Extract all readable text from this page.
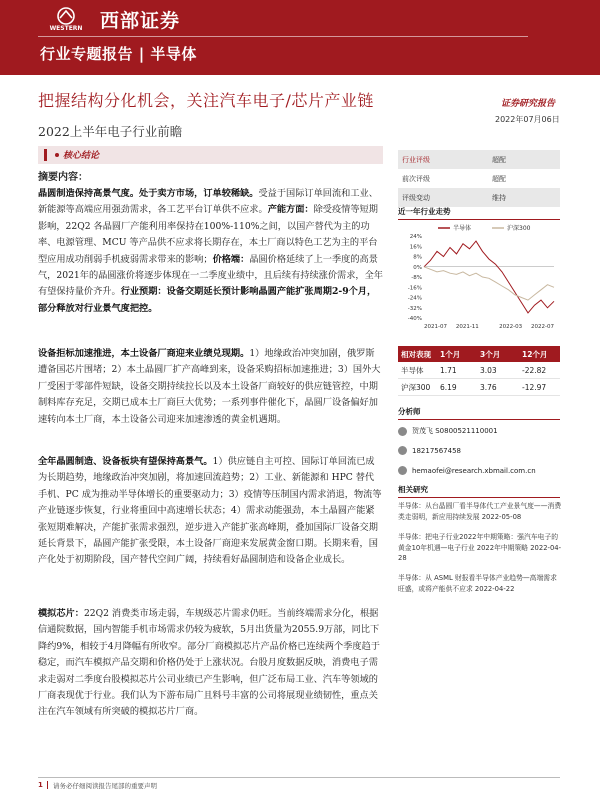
WESTERN 西部证券
行业专题报告 | 半导体
把握结构分化机会，关注汽车电子/芯片产业链	证券研究报告
2022年07月06日
2022上半年电子行业前瞻
核心结论
摘要内容：
晶圆制造保持高景气度。处于卖方市场，订单较稀缺。受益于国际订单回流和工业、新能源等高端应用强劲需求，各工艺平台订单供不应求。产能方面：除受疫情等短期影响，22Q2 各晶圆厂产能利用率保持在100%-110%之间，以国产替代为主的功率、电源管理、MCU 等产品供不应求将长期存在，本土厂商以特色工艺为主的平台型应用成功削弱手机疲弱需求带来的影响；价格端：晶圆价格延续了上一季度的高景气，2021年的晶圆涨价将逐步体现在一二季度业绩中，且后续有持续涨价需求，全年有望保持量价齐升。行业预期：设备交期延长预计影响晶圆产能扩张周期2-9个月，部分释放对行业景气度把控。
设备拒标加速推进，本土设备厂商迎来业绩兑现期。1）地缘政治冲突加剧，俄罗斯遭备国芯片围堵；2）本土晶圆厂扩产高峰到来，设备采购招标加速推进；3）国外大厂受困于零部件短缺，设备交期持续拉长以及本土设备厂商较好的供应链管控，中期制料库存充足，交期已成本土厂商巨大优势；一系列事件催化下，晶圆厂设备偏好加速转向本土厂商，本土设备公司迎来加速渗透的黄金机遇期。
全年晶圆制造、设备板块有望保持高景气。1）供应链自主可控、国际订单回流已成为长期趋势，地缘政治冲突加剧，将加速回流趋势；2）工业、新能源和 HPC 替代手机、PC 成为推动半导体增长的重要驱动力；3）疫情等压制国内需求消退，物流等产业链逐步恢复，行业将重回中高速增长状态；4）需求动能强劲，本土晶圆产能紧张短期难解决，产能扩张需求强烈，逆步进入产能扩张高峰期，叠加国际厂设备交期延长背景下，晶圆产能扩张受限，本土设备厂商迎来发展黄金窗口期。长期来看，国产化处于初期阶段，国产替代空间广阔，持续看好晶圆制造和设备企业成长。
模拟芯片：22Q2 消费类市场走弱，车规级芯片需求仍旺。当前终端需求分化，根据信通院数据，国内智能手机市场需求仍较为疲软，5月出货量为2055.9万部，同比下降约9%，相较于4月降幅有所收窄。部分厂商模拟芯片产品价格已连续两个季度趋于稳定，而汽车模拟产品交期和价格仍处于上涨状况。台股月度数据反映，消费电子需求走弱对二季度台股模拟芯片公司业绩已产生影响，但广泛布局工业、汽车等领域的厂商表现优于行业。我们认为下游布局广且料号丰富的公司将展现业绩韧性，重点关注在汽车领域有所突破的模拟芯片厂商。
行业评级	超配
前次评级	超配
评级变动	维持
近一年行业走势
半导体	沪深300
24%
16%
8%
0%
-8%
-16%
-24%
-32%
-40%
2021-07 2021-11	2022-03 2022-07
相对表现	1个月	3个月	12个月
半导体	1.71	3.03	-22.82
沪深300	6.19	3.76	-12.97
分析师
贺茂飞 S0800521110001
18217567458
hemaofei@research.xbmail.com.cn
相关研究
半导体：从台晶圆厂看半导体代工产业景气度——消费类走弱明，新应用持续发展 2022-05-08
半导体：把电子行业2022年中期策略：强汽车电子的黄金10年机遇—电子行业 2022年中期策略 2022-04-28
半导体：从 ASML 财报看半导体产业趋势—高端需求旺盛，或将产能供不应求 2022-04-22
1 请务必仔细阅读报告尾部的重要声明
